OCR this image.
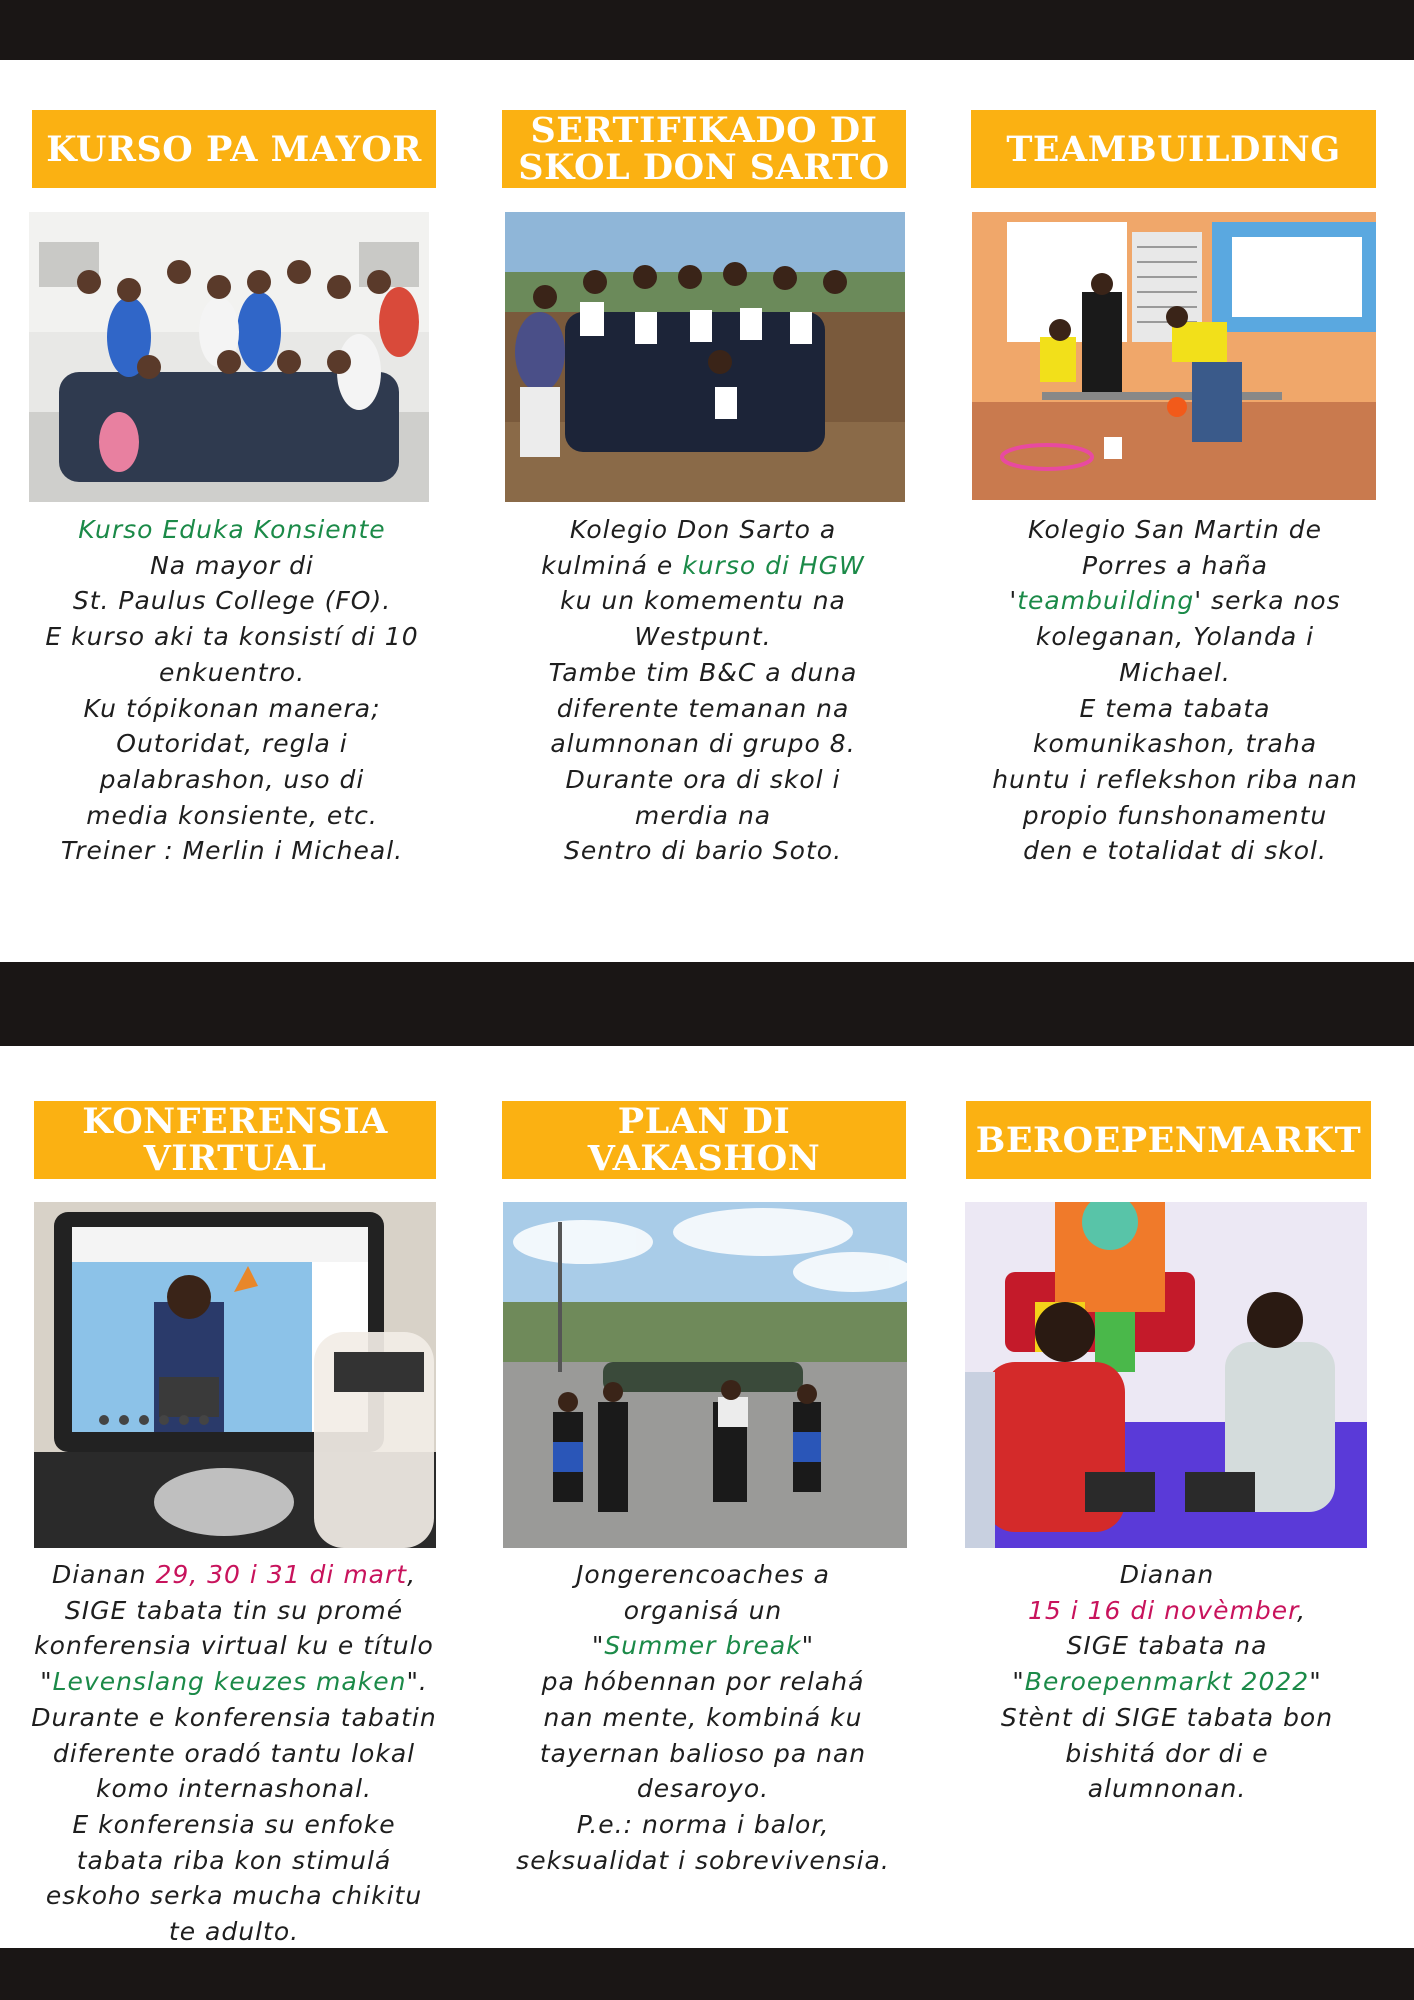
KURSO PA MAYOR
Kurso Eduka Konsiente
Na mayor di
St. Paulus College (FO).
E kurso aki ta konsistí di 10
enkuentro.
Ku tópikonan manera;
Outoridat, regla i
palabrashon, uso di
media konsiente, etc.
Treiner : Merlin i Micheal.
SERTIFIKADO DI SKOL DON SARTO
Kolegio Don Sarto a
kulminá e kurso di HGW
ku un komementu na
Westpunt.
Tambe tim B&C a duna
diferente temanan na
alumnonan di grupo 8.
Durante ora di skol i
merdia na
Sentro di bario Soto.
TEAMBUILDING
Kolegio San Martin de
Porres a haña
'teambuilding' serka nos
koleganan, Yolanda i
Michael.
E tema tabata
komunikashon, traha
huntu i reflekshon riba nan
propio funshonamentu
den e totalidat di skol.
KONFERENSIA VIRTUAL
Dianan 29, 30 i 31 di mart,
SIGE tabata tin su promé
konferensia virtual ku e título
"Levenslang keuzes maken".
Durante e konferensia tabatin
diferente oradó tantu lokal
komo internashonal.
E konferensia su enfoke
tabata riba kon stimulá
eskoho serka mucha chikitu
te adulto.
PLAN DI VAKASHON
Jongerencoaches a
organisá un
"Summer break"
pa hóbennan por relahá
nan mente, kombiná ku
tayernan balioso pa nan
desaroyo.
P.e.: norma i balor,
seksualidat i sobrevivensia.
BEROEPENMARKT
Dianan
15 i 16 di novèmber,
SIGE tabata na
"Beroepenmarkt 2022"
Stènt di SIGE tabata bon
bishitá dor di e
alumnonan.
